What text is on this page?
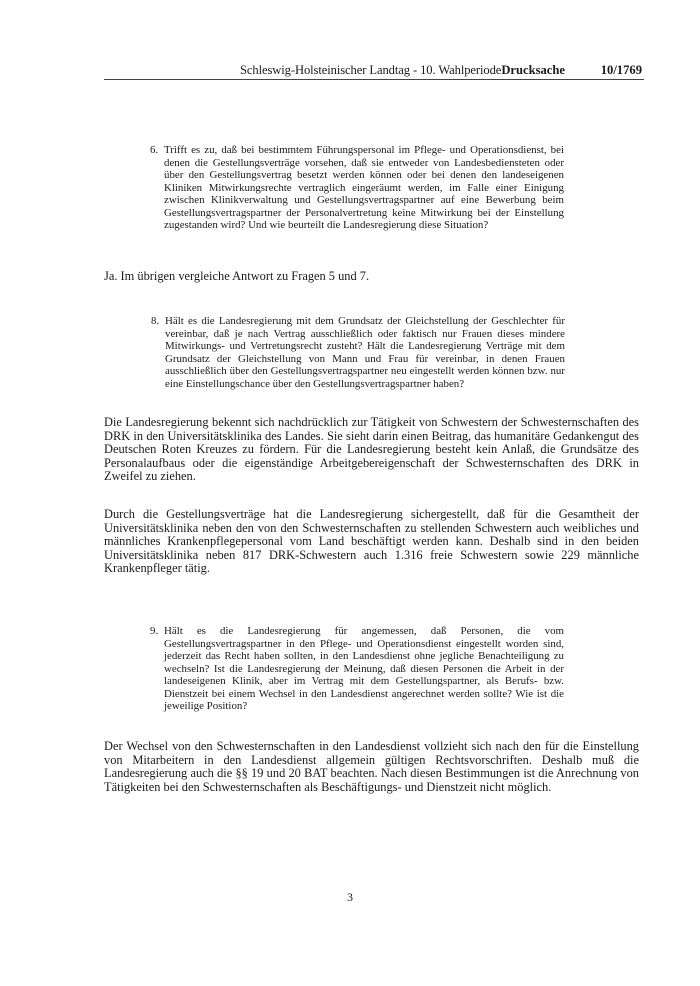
Schleswig-Holsteinischer Landtag - 10. WahlperiodeDrucksache	10/1769
6. Trifft es zu, daß bei bestimmtem Führungspersonal im Pflege- und Operationsdienst, bei denen die Gestellungsverträge vorsehen, daß sie entweder von Landesbediensteten oder über den Gestellungsvertrag besetzt werden können oder bei denen den landeseigenen Kliniken Mitwirkungsrechte vertraglich eingeräumt werden, im Falle einer Einigung zwischen Klinikverwaltung und Gestellungsvertragspartner auf eine Bewerbung beim Gestellungsvertragspartner der Personalvertretung keine Mitwirkung bei der Einstellung zugestanden wird? Und wie beurteilt die Landesregierung diese Situation?

Ja. Im übrigen vergleiche Antwort zu Fragen 5 und 7.

8. Hält es die Landesregierung mit dem Grundsatz der Gleichstellung der Geschlechter für vereinbar, daß je nach Vertrag ausschließlich oder faktisch nur Frauen dieses mindere Mitwirkungs- und Vertretungsrecht zusteht? Hält die Landesregierung Verträge mit dem Grundsatz der Gleichstellung von Mann und Frau für vereinbar, in denen Frauen ausschließlich über den Gestellungsvertragspartner neu eingestellt werden können bzw. nur eine Einstellungschance über den Gestellungsvertragspartner haben?

Die Landesregierung bekennt sich nachdrücklich zur Tätigkeit von Schwestern der Schwesternschaften des DRK in den Universitätsklinika des Landes. Sie sieht darin einen Beitrag, das humanitäre Gedankengut des Deutschen Roten Kreuzes zu fördern. Für die Landesregierung besteht kein Anlaß, die Grundsätze des Personalaufbaus oder die eigenständige Arbeitgebereigenschaft der Schwesternschaften des DRK in Zweifel zu ziehen.

Durch die Gestellungsverträge hat die Landesregierung sichergestellt, daß für die Gesamtheit der Universitätsklinika neben den von den Schwesternschaften zu stellenden Schwestern auch weibliches und männliches Krankenpflegepersonal vom Land beschäftigt werden kann. Deshalb sind in den beiden Universitätsklinika neben 817 DRK-Schwestern auch 1.316 freie Schwestern sowie 229 männliche Krankenpfleger tätig.

9. Hält es die Landesregierung für angemessen, daß Personen, die vom Gestellungsvertragspartner in den Pflege- und Operationsdienst eingestellt worden sind, jederzeit das Recht haben sollten, in den Landesdienst ohne jegliche Benachteiligung zu wechseln? Ist die Landesregierung der Meinung, daß diesen Personen die Arbeit in der landeseigenen Klinik, aber im Vertrag mit dem Gestellungspartner, als Berufs- bzw. Dienstzeit bei einem Wechsel in den Landesdienst angerechnet werden sollte? Wie ist die jeweilige Position?

Der Wechsel von den Schwesternschaften in den Landesdienst vollzieht sich nach den für die Einstellung von Mitarbeitern in den Landesdienst allgemein gültigen Rechtsvorschriften. Deshalb muß die Landesregierung auch die §§ 19 und 20 BAT beachten. Nach diesen Bestimmungen ist die Anrechnung von Tätigkeiten bei den Schwesternschaften als Beschäftigungs- und Dienstzeit nicht möglich.

3
